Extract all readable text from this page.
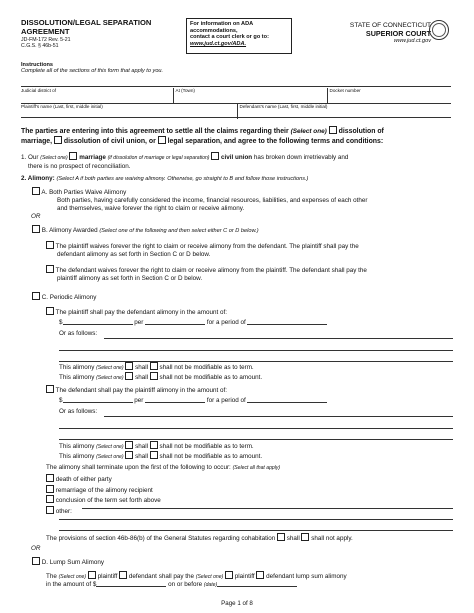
DISSOLUTION/LEGAL SEPARATION
AGREEMENT
JD-FM-172 Rev. 5-21
C.G.S. § 46b-51
For information on ADA
accommodations,
contact a court clerk or go to:
www.jud.ct.gov/ADA.
STATE OF CONNECTICUT
SUPERIOR COURT
www.jud.ct.gov
Instructions
Complete all of the sections of this form that apply to you.
Judicial district of	At (Town)	Docket number
Plaintiff's name (Last, first, middle initial)	Defendant's name (Last, first, middle initial)
The parties are entering into this agreement to settle all the claims regarding their (Select one) dissolution of
marriage, dissolution of civil union, or legal separation, and agree to the following terms and conditions:
1. Our (Select one) marriage (if dissolution of marriage or legal separation) civil union has broken down irretrievably and
there is no prospect of reconciliation.
2. Alimony: (Select A if both parties are waiving alimony. Otherwise, go straight to B and follow those instructions.)
A. Both Parties Waive Alimony
Both parties, having carefully considered the income, financial resources, liabilities, and expenses of each other
and themselves, waive forever the right to claim or receive alimony.
OR
B. Alimony Awarded (Select one of the following and then select either C or D below.)
The plaintiff waives forever the right to claim or receive alimony from the defendant. The plaintiff shall pay the
defendant alimony as set forth in Section C or D below.
The defendant waives forever the right to claim or receive alimony from the plaintiff. The defendant shall pay the
plaintiff alimony as set forth in Section C or D below.
C. Periodic Alimony
The plaintiff shall pay the defendant alimony in the amount of:
$	per	for a period of
Or as follows:
This alimony (Select one) shall shall not be modifiable as to term.
This alimony (Select one) shall shall not be modifiable as to amount.
The defendant shall pay the plaintiff alimony in the amount of:
$	per	for a period of
Or as follows:
This alimony (Select one) shall shall not be modifiable as to term.
This alimony (Select one) shall shall not be modifiable as to amount.
The alimony shall terminate upon the first of the following to occur: (Select all that apply)
death of either party
remarriage of the alimony recipient
conclusion of the term set forth above
other:
The provisions of section 46b-86(b) of the General Statutes regarding cohabitation shall shall not apply.
OR
D. Lump Sum Alimony
The (Select one) plaintiff defendant shall pay the (Select one) plaintiff defendant lump sum alimony
in the amount of $	on or before (date)
Page 1 of 8
